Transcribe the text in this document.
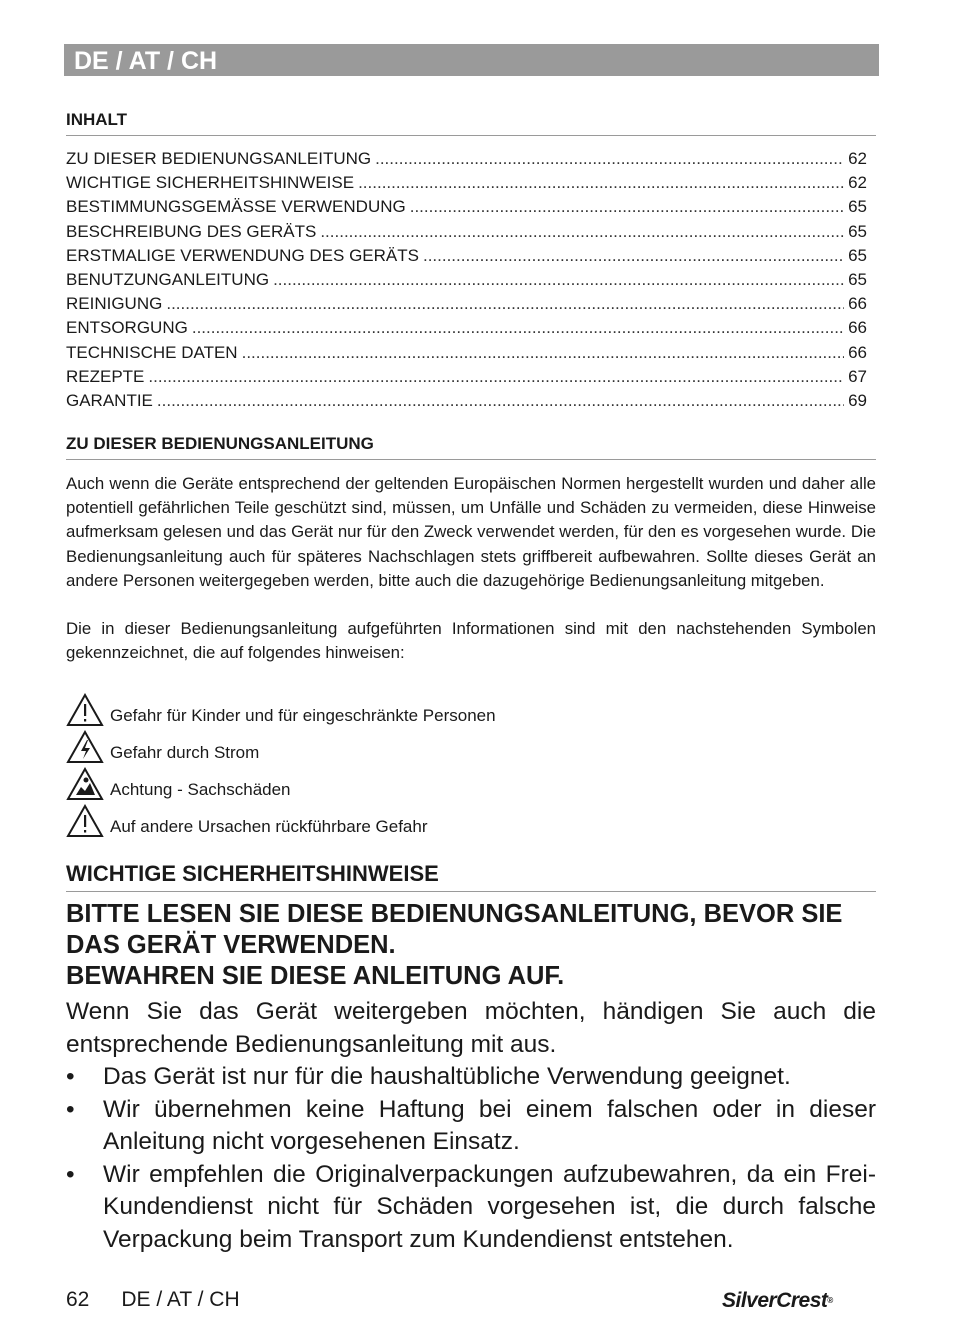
DE / AT / CH
INHALT
ZU DIESER BEDIENUNGSANLEITUNG .....	62
WICHTIGE SICHERHEITSHINWEISE .....	62
BESTIMMUNGSGEMÄSSE VERWENDUNG .....	65
BESCHREIBUNG DES GERÄTS .....	65
ERSTMALIGE VERWENDUNG DES GERÄTS .....	65
BENUTZUNGANLEITUNG .....	65
REINIGUNG .....	66
ENTSORGUNG .....	66
TECHNISCHE DATEN .....	66
REZEPTE .....	67
GARANTIE .....	69
ZU DIESER BEDIENUNGSANLEITUNG

Auch wenn die Geräte entsprechend der geltenden Europäischen Normen hergestellt wurden und daher alle potentiell gefährlichen Teile geschützt sind, müssen, um Unfälle und Schäden zu vermeiden, diese Hinweise aufmerksam gelesen und das Gerät nur für den Zweck verwendet werden, für den es vorgesehen wurde. Die Bedienungsanleitung auch für späteres Nachschlagen stets griffbereit aufbewahren. Sollte dieses Gerät an andere Personen weitergegeben werden, bitte auch die dazugehörige Bedienungsanleitung mitgeben.

Die in dieser Bedienungsanleitung aufgeführten Informationen sind mit den nachstehenden Symbolen gekennzeichnet, die auf folgendes hinweisen:

Gefahr für Kinder und für eingeschränkte Personen
Gefahr durch Strom
Achtung - Sachschäden
Auf andere Ursachen rückführbare Gefahr
WICHTIGE SICHERHEITSHINWEISE

BITTE LESEN SIE DIESE BEDIENUNGSANLEITUNG, BEVOR SIE DAS GERÄT VERWENDEN.

BEWAHREN SIE DIESE ANLEITUNG AUF.

Wenn Sie das Gerät weitergeben möchten, händigen Sie auch die entsprechende Bedienungsanleitung mit aus.

•	Das Gerät ist nur für die haushaltübliche Verwendung geeignet.
•	Wir übernehmen keine Haftung bei einem falschen oder in dieser Anleitung nicht vorgesehenen Einsatz.
•	Wir empfehlen die Originalverpackungen aufzubewahren, da ein Frei-Kundendienst nicht für Schäden vorgesehen ist, die durch falsche Verpackung beim Transport zum Kundendienst entstehen.
62 DE / AT / CH	SilverCrest®
